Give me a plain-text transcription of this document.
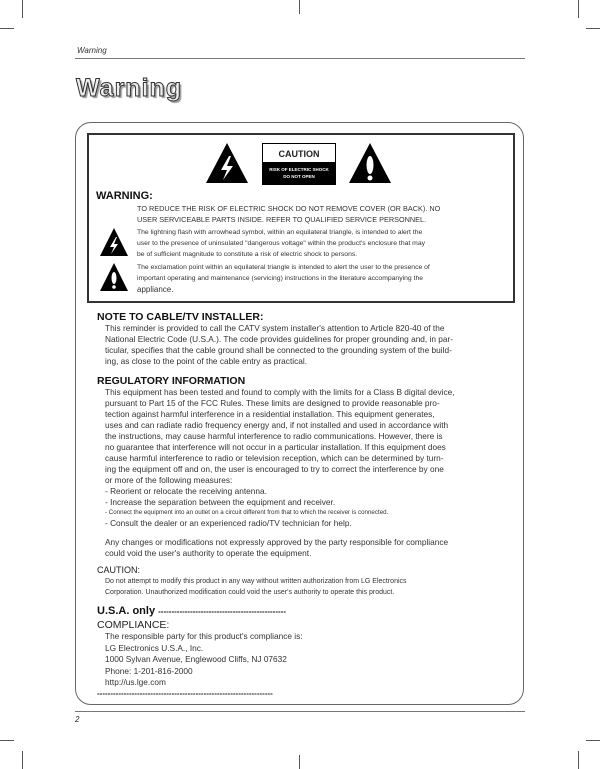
Warning
Warning
CAUTION
RISK OF ELECTRIC SHOCK
DO NOT OPEN
WARNING:
TO REDUCE THE RISK OF ELECTRIC SHOCK DO NOT REMOVE COVER (OR BACK). NO
USER SERVICEABLE PARTS INSIDE. REFER TO QUALIFIED SERVICE PERSONNEL.
The lightning flash with arrowhead symbol, within an equilateral triangle, is intended to alert the
user to the presence of uninsulated "dangerous voltage" within the product's enclosure that may
be of sufficient magnitude to constitute a risk of electric shock to persons.
The exclamation point within an equilateral triangle is intended to alert the user to the presence of
important operating and maintenance (servicing) instructions in the literature accompanying the
appliance.
NOTE TO CABLE/TV INSTALLER:
This reminder is provided to call the CATV system installer's attention to Article 820-40 of the
National Electric Code (U.S.A.). The code provides guidelines for proper grounding and, in par-
ticular, specifies that the cable ground shall be connected to the grounding system of the build-
ing, as close to the point of the cable entry as practical.
REGULATORY INFORMATION
This equipment has been tested and found to comply with the limits for a Class B digital device,
pursuant to Part 15 of the FCC Rules. These limits are designed to provide reasonable pro-
tection against harmful interference in a residential installation. This equipment generates,
uses and can radiate radio frequency energy and, if not installed and used in accordance with
the instructions, may cause harmful interference to radio communications. However, there is
no guarantee that interference will not occur in a particular installation. If this equipment does
cause harmful interference to radio or television reception, which can be determined by turn-
ing the equipment off and on, the user is encouraged to try to correct the interference by one
or more of the following measures:
- Reorient or relocate the receiving antenna.
- Increase the separation between the equipment and receiver.
- Connect the equipment into an outlet on a circuit different from that to which the receiver is connected.
- Consult the dealer or an experienced radio/TV technician for help.
Any changes or modifications not expressly approved by the party responsible for compliance
could void the user's authority to operate the equipment.
CAUTION:
Do not attempt to modify this product in any way without written authorization from LG Electronics
Corporation. Unauthorized modification could void the user's authority to operate this product.
U.S.A. only ------------------------------------------------
COMPLIANCE:
The responsible party for this product's compliance is:
LG Electronics U.S.A., Inc.
1000 Sylvan Avenue, Englewood Cliffs, NJ 07632
Phone: 1-201-816-2000
http://us.lge.com
------------------------------------------------------------------
2
